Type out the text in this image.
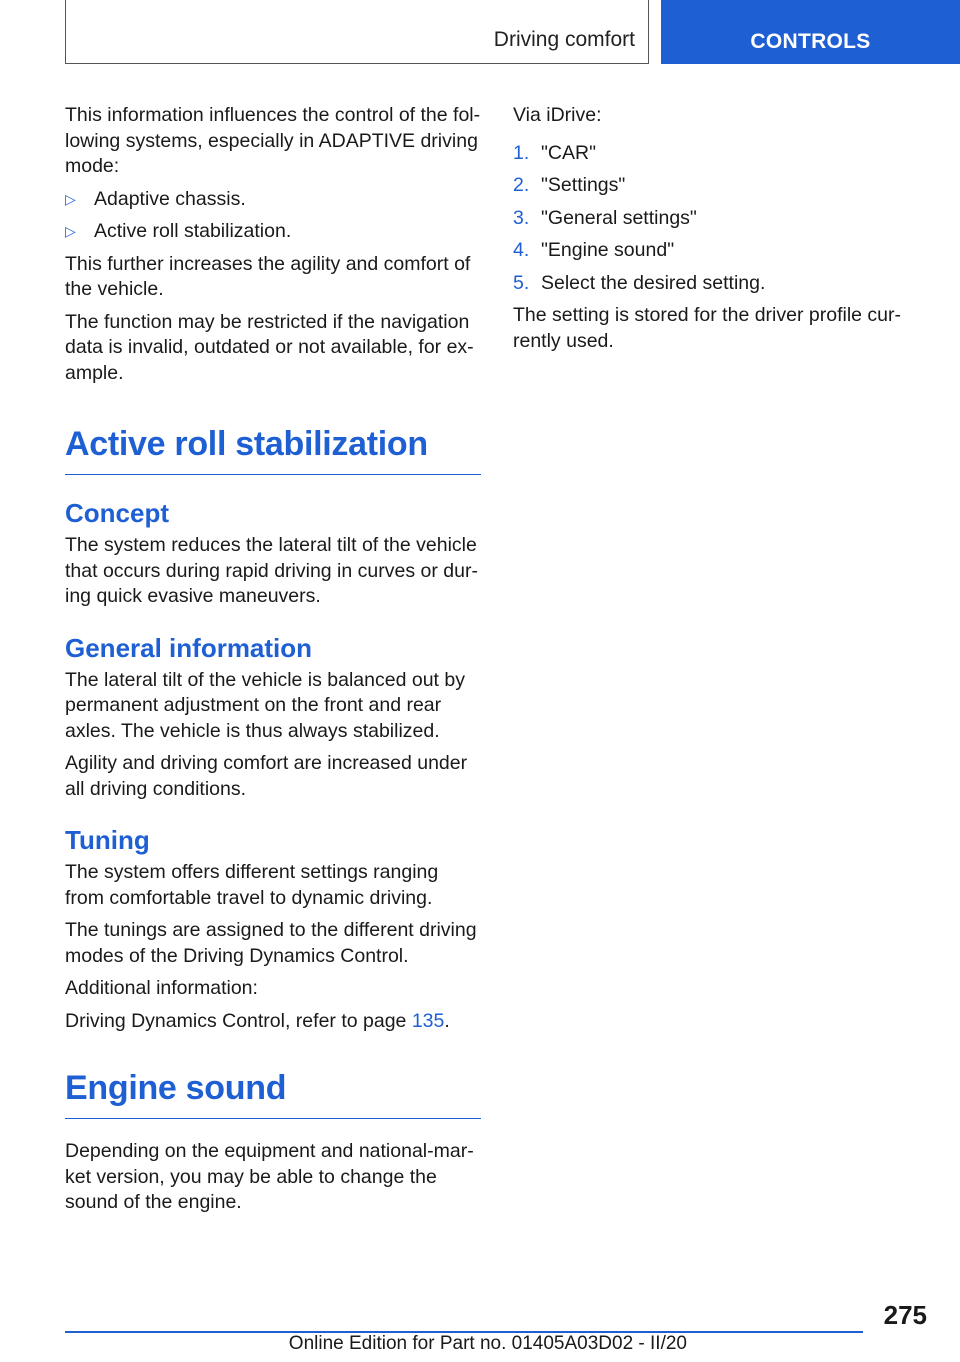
Driving comfort	CONTROLS

This information influences the control of the fol-lowing systems, especially in ADAPTIVE driving mode:

▷ Adaptive chassis.
▷ Active roll stabilization.

This further increases the agility and comfort of the vehicle.

The function may be restricted if the navigation data is invalid, outdated or not available, for ex-ample.

Active roll stabilization
Concept

The system reduces the lateral tilt of the vehicle that occurs during rapid driving in curves or dur-ing quick evasive maneuvers.

General information

The lateral tilt of the vehicle is balanced out by permanent adjustment on the front and rear axles. The vehicle is thus always stabilized.

Agility and driving comfort are increased under all driving conditions.

Tuning

The system offers different settings ranging from comfortable travel to dynamic driving.

The tunings are assigned to the different driving modes of the Driving Dynamics Control.

Additional information:

Driving Dynamics Control, refer to page 135.

Engine sound

Depending on the equipment and national-mar-ket version, you may be able to change the sound of the engine.

Via iDrive:

1. "CAR"
2. "Settings"
3. "General settings"
4. "Engine sound"
5. Select the desired setting.

The setting is stored for the driver profile cur-rently used.

275
Online Edition for Part no. 01405A03D02 - II/20
